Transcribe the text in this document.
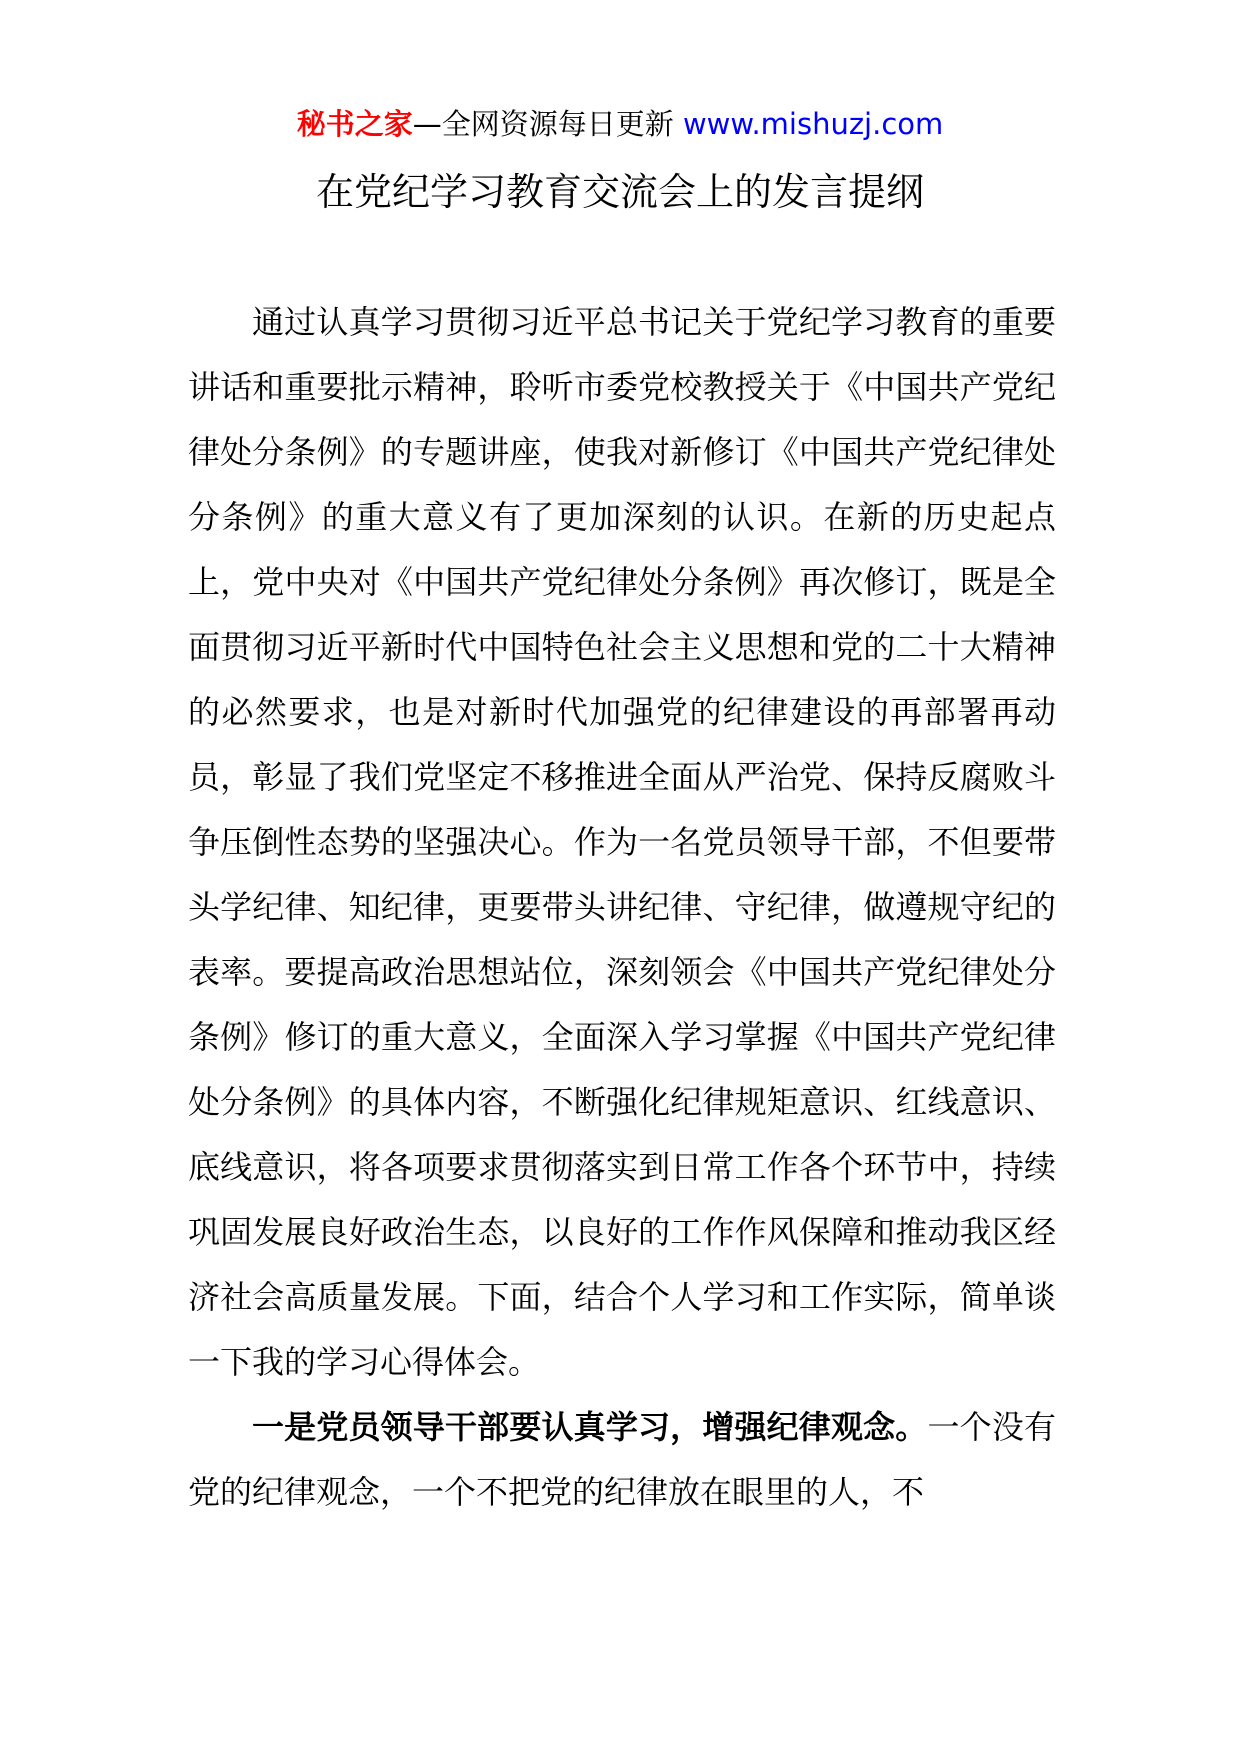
秘书之家—全网资源每日更新 www.mishuzj.com
在党纪学习教育交流会上的发言提纲

通过认真学习贯彻习近平总书记关于党纪学习教育的重要讲话和重要批示精神，聆听市委党校教授关于《中国共产党纪律处分条例》的专题讲座，使我对新修订《中国共产党纪律处分条例》的重大意义有了更加深刻的认识。在新的历史起点上，党中央对《中国共产党纪律处分条例》再次修订，既是全面贯彻习近平新时代中国特色社会主义思想和党的二十大精神的必然要求，也是对新时代加强党的纪律建设的再部署再动员，彰显了我们党坚定不移推进全面从严治党、保持反腐败斗争压倒性态势的坚强决心。作为一名党员领导干部，不但要带头学纪律、知纪律，更要带头讲纪律、守纪律，做遵规守纪的表率。要提高政治思想站位，深刻领会《中国共产党纪律处分条例》修订的重大意义，全面深入学习掌握《中国共产党纪律处分条例》的具体内容，不断强化纪律规矩意识、红线意识、底线意识，将各项要求贯彻落实到日常工作各个环节中，持续巩固发展良好政治生态，以良好的工作作风保障和推动我区经济社会高质量发展。下面，结合个人学习和工作实际，简单谈一下我的学习心得体会。

一是党员领导干部要认真学习，增强纪律观念。一个没有党的纪律观念，一个不把党的纪律放在眼里的人，不
